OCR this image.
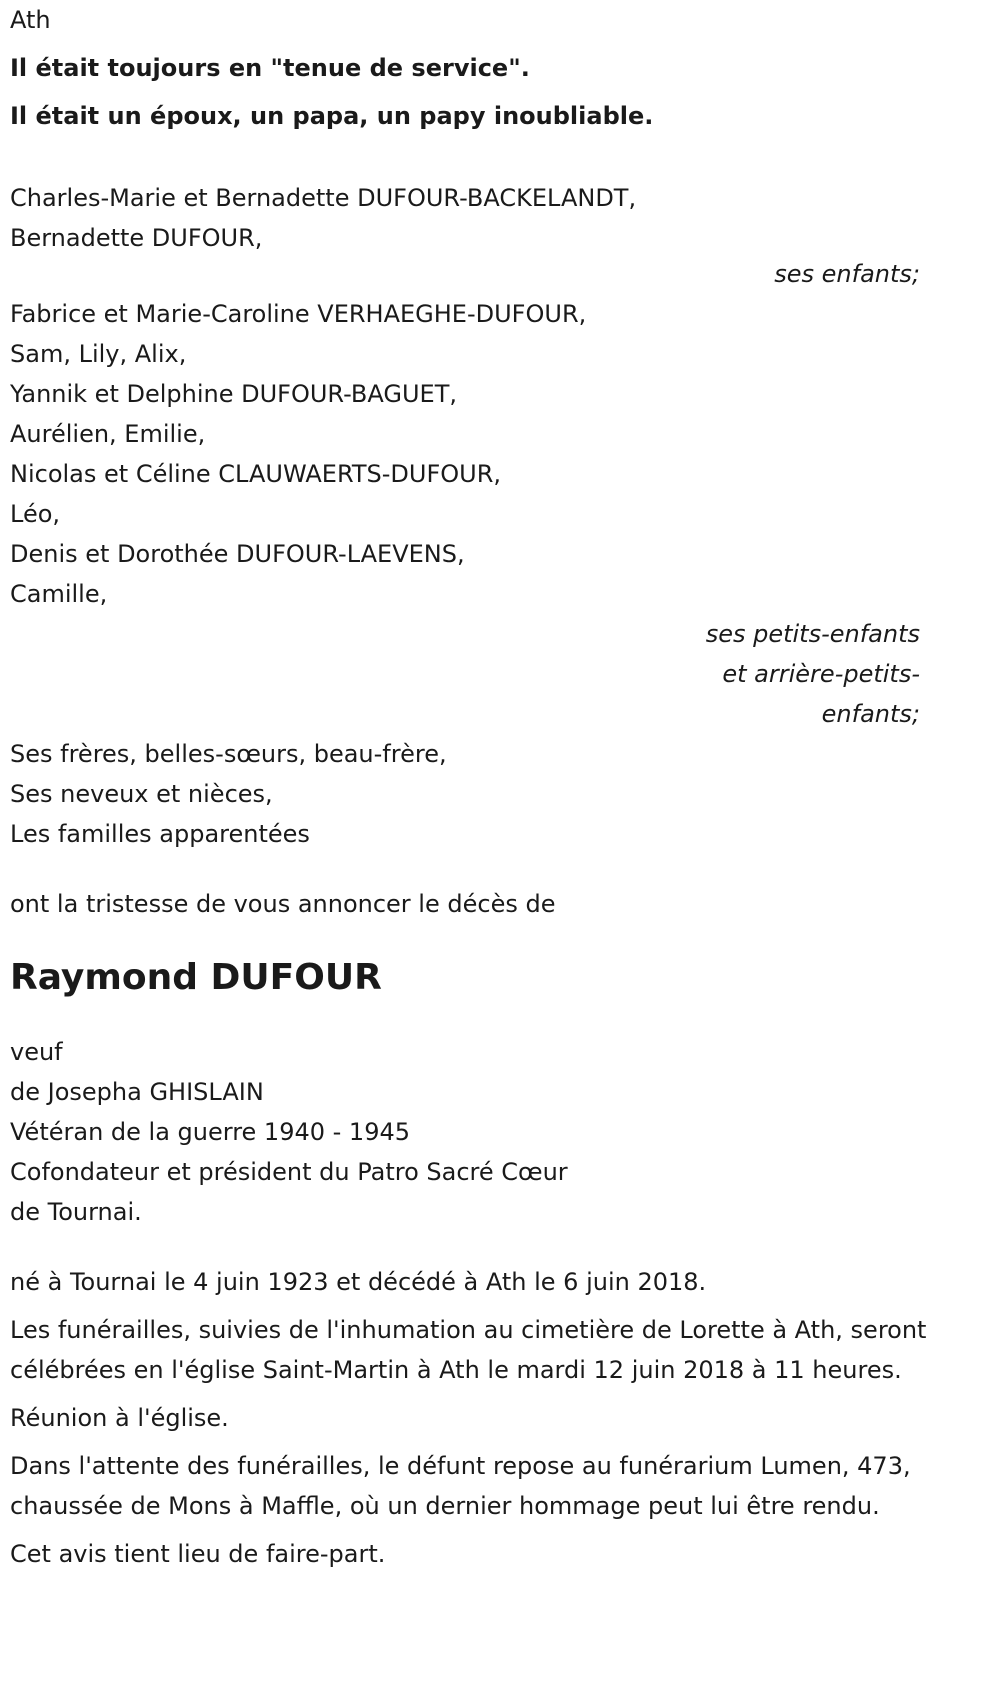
Ath
Il était toujours en "tenue de service".
Il était un époux, un papa, un papy inoubliable.
Charles-Marie et Bernadette DUFOUR-BACKELANDT,
Bernadette DUFOUR,
ses enfants;
Fabrice et Marie-Caroline VERHAEGHE-DUFOUR,
Sam, Lily, Alix,
Yannik et Delphine DUFOUR-BAGUET,
Aurélien, Emilie,
Nicolas et Céline CLAUWAERTS-DUFOUR,
Léo,
Denis et Dorothée DUFOUR-LAEVENS,
Camille,
ses petits-enfants
et arrière-petits-
enfants;
Ses frères, belles-sœurs, beau-frère,
Ses neveux et nièces,
Les familles apparentées
ont la tristesse de vous annoncer le décès de
Raymond DUFOUR
veuf
de Josepha GHISLAIN
Vétéran de la guerre 1940 - 1945
Cofondateur et président du Patro Sacré Cœur
de Tournai.
né à Tournai le 4 juin 1923 et décédé à Ath le 6 juin 2018.
Les funérailles, suivies de l'inhumation au cimetière de Lorette à Ath, seront célébrées en l'église Saint-Martin à Ath le mardi 12 juin 2018 à 11 heures.
Réunion à l'église.
Dans l'attente des funérailles, le défunt repose au funérarium Lumen, 473, chaussée de Mons à Maffle, où un dernier hommage peut lui être rendu.
Cet avis tient lieu de faire-part.
